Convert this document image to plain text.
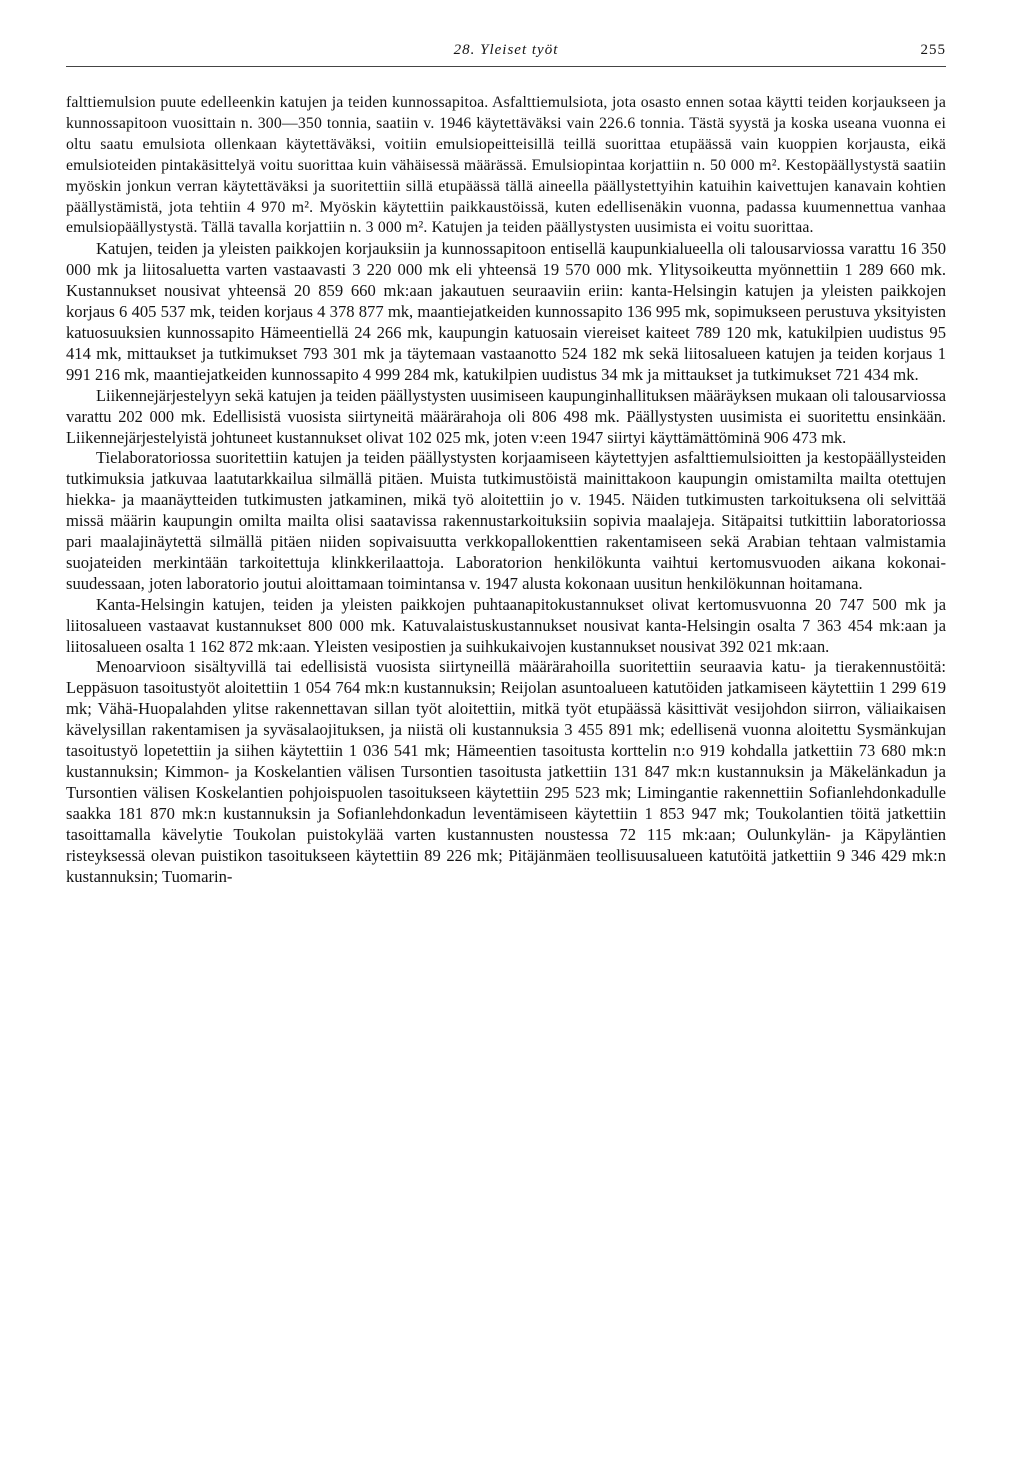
28. Yleiset työt	255

falttiemulsion puute edelleenkin katujen ja teiden kunnossapitoa. Asfalttiemulsiota, jota osasto ennen sotaa käytti teiden korjaukseen ja kunnossapitoon vuosittain n. 300—350 tonnia, saatiin v. 1946 käytettäväksi vain 226.6 tonnia. Tästä syystä ja koska useana vuonna ei oltu saatu emulsiota ollenkaan käytettäväksi, voitiin emulsiopeitteisillä teillä suorittaa etupäässä vain kuoppien korjausta, eikä emulsioteiden pintakäsittelyä voitu suorittaa kuin vähäisessä määrässä. Emulsiopintaa korjattiin n. 50 000 m². Kestopäällystystä saatiin myöskin jonkun verran käytettäväksi ja suoritettiin sillä etupäässä tällä aineella päällystettyihin katuihin kaivettujen kanavain kohtien päällystämistä, jota tehtiin 4 970 m². Myöskin käytettiin paikkaustöissä, kuten edellisenäkin vuonna, padassa kuumennettua vanhaa emulsiopäällystystä. Tällä tavalla korjattiin n. 3 000 m². Katujen ja teiden päällystysten uusimista ei voitu suorittaa.

Katujen, teiden ja yleisten paikkojen korjauksiin ja kunnossapitoon entisellä kaupunkialueella oli talousarviossa varattu 16 350 000 mk ja liitosaluetta varten vastaavasti 3 220 000 mk eli yhteensä 19 570 000 mk. Ylitysoikeutta myönnettiin 1 289 660 mk. Kustannukset nousivat yhteensä 20 859 660 mk:aan jakautuen seuraaviin eriin: kanta-Helsingin katujen ja yleisten paikkojen korjaus 6 405 537 mk, teiden korjaus 4 378 877 mk, maantiejatkeiden kunnossapito 136 995 mk, sopimukseen perustuva yksityisten katuosuuksien kunnossapito Hämeentiellä 24 266 mk, kaupungin katuosain viereiset kaiteet 789 120 mk, katukilpien uudistus 95 414 mk, mittaukset ja tutkimukset 793 301 mk ja täytemaan vastaanotto 524 182 mk sekä liitosalueen katujen ja teiden korjaus 1 991 216 mk, maantiejatkeiden kunnossapito 4 999 284 mk, katukilpien uudistus 34 mk ja mittaukset ja tutkimukset 721 434 mk.

Liikennejärjestelyyn sekä katujen ja teiden päällystysten uusimiseen kaupunginhallituksen määräyksen mukaan oli talousarviossa varattu 202 000 mk. Edellisistä vuosista siirtyneitä määrärahoja oli 806 498 mk. Päällystysten uusimista ei suoritettu ensinkään. Liikennejärjestelyistä johtuneet kustannukset olivat 102 025 mk, joten v:een 1947 siirtyi käyttämättöminä 906 473 mk.

Tielaboratoriossa suoritettiin katujen ja teiden päällystysten korjaamiseen käytettyjen asfalttiemulsioitten ja kestopäällysteiden tutkimuksia jatkuvaa laatutarkkailua silmällä pitäen. Muista tutkimustöistä mainittakoon kaupungin omistamilta mailta otettujen hiekka- ja maanäytteiden tutkimusten jatkaminen, mikä työ aloitettiin jo v. 1945. Näiden tutkimusten tarkoituksena oli selvittää missä määrin kaupungin omilta mailta olisi saatavissa rakennustarkoituksiin sopivia maalajeja. Sitäpaitsi tutkittiin laboratoriossa pari maalajinäytettä silmällä pitäen niiden sopivaisuutta verkkopallokenttien rakentamiseen sekä Arabian tehtaan valmistamia suojateiden merkintään tarkoitettuja klinkkerilaattoja. Laboratorion henkilökunta vaihtui kertomusvuoden aikana kokonaisuudessaan, joten laboratorio joutui aloittamaan toimintansa v. 1947 alusta kokonaan uusitun henkilökunnan hoitamana.

Kanta-Helsingin katujen, teiden ja yleisten paikkojen puhtaanapitokustannukset olivat kertomusvuonna 20 747 500 mk ja liitosalueen vastaavat kustannukset 800 000 mk. Katuvalaistuskustannukset nousivat kanta-Helsingin osalta 7 363 454 mk:aan ja liitosalueen osalta 1 162 872 mk:aan. Yleisten vesipostien ja suihkukaivojen kustannukset nousivat 392 021 mk:aan.

Menoarvioon sisältyvillä tai edellisistä vuosista siirtyneillä määrärahoilla suoritettiin seuraavia katu- ja tierakennustöitä: Leppäsuon tasoitustyöt aloitettiin 1 054 764 mk:n kustannuksin; Reijolan asuntoalueen katutöiden jatkamiseen käytettiin 1 299 619 mk; Vähä-Huopalahden ylitse rakennettavan sillan työt aloitettiin, mitkä työt etupäässä käsittivät vesijohdon siirron, väliaikaisen kävelysillan rakentamisen ja syväsalaojituksen, ja niistä oli kustannuksia 3 455 891 mk; edellisenä vuonna aloitettu Sysmänkujan tasoitustyö lopetettiin ja siihen käytettiin 1 036 541 mk; Hämeentien tasoitusta korttelin n:o 919 kohdalla jatkettiin 73 680 mk:n kustannuksin; Kimmon- ja Koskelantien välisen Tursontien tasoitusta jatkettiin 131 847 mk:n kustannuksin ja Mäkelänkadun ja Tursontien välisen Koskelantien pohjoispuolen tasoitukseen käytettiin 295 523 mk; Limingantie rakennettiin Sofianlehdonkadulle saakka 181 870 mk:n kustannuksin ja Sofianlehdonkadun leventämiseen käytettiin 1 853 947 mk; Toukolantien töitä jatkettiin tasoittamalla kävelytie Toukolan puistokylää varten kustannusten noustessa 72 115 mk:aan; Oulunkylän- ja Käpyläntien risteyksessä olevan puistikon tasoitukseen käytettiin 89 226 mk; Pitäjänmäen teollisuusalueen katutöitä jatkettiin 9 346 429 mk:n kustannuksin; Tuomarin-
